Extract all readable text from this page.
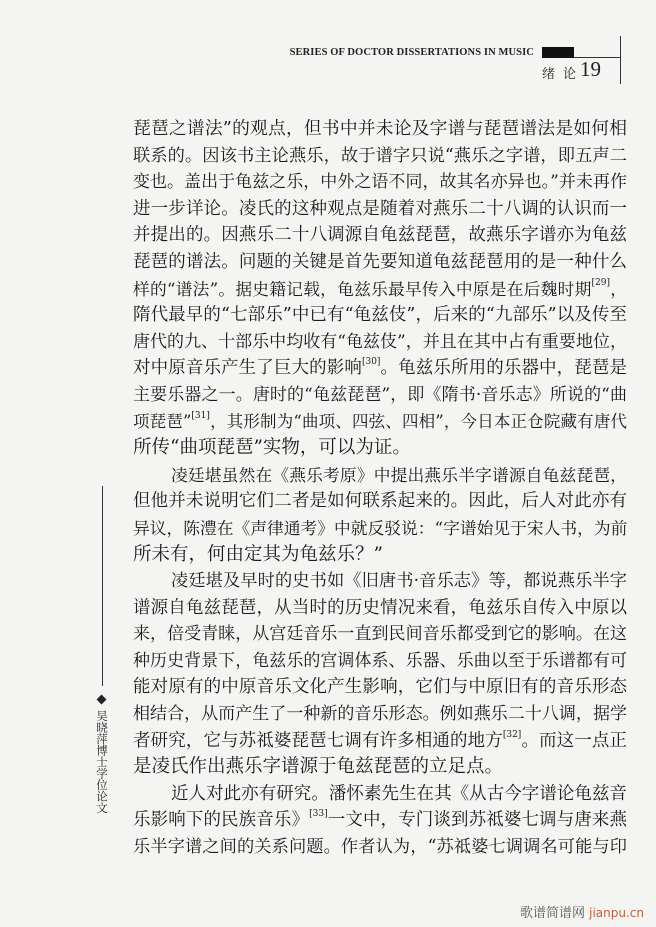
SERIES OF DOCTOR DISSERTATIONS IN MUSIC
绪论
19
琵琶之谱法”的观点，但书中并未论及字谱与琵琶谱法是如何相
联系的。因该书主论燕乐，故于谱字只说“燕乐之字谱，即五声二
变也。盖出于龟兹之乐，中外之语不同，故其名亦异也。”并未再作
进一步详论。凌氏的这种观点是随着对燕乐二十八调的认识而一
并提出的。因燕乐二十八调源自龟兹琵琶，故燕乐字谱亦为龟兹
琵琶的谱法。问题的关键是首先要知道龟兹琵琶用的是一种什么
样的“谱法”。据史籍记载，龟兹乐最早传入中原是在后魏时期[29]，
隋代最早的“七部乐”中已有“龟兹伎”，后来的“九部乐”以及传至
唐代的九、十部乐中均收有“龟兹伎”，并且在其中占有重要地位，
对中原音乐产生了巨大的影响[30]。龟兹乐所用的乐器中，琵琶是
主要乐器之一。唐时的“龟兹琵琶”，即《隋书·音乐志》所说的“曲
项琵琶”[31]，其形制为“曲项、四弦、四相”，今日本正仓院藏有唐代
所传“曲项琵琶”实物，可以为证。
凌廷堪虽然在《燕乐考原》中提出燕乐半字谱源自龟兹琵琶，
但他并未说明它们二者是如何联系起来的。因此，后人对此亦有
异议，陈澧在《声律通考》中就反驳说：“字谱始见于宋人书，为前
所未有，何由定其为龟兹乐？”
凌廷堪及早时的史书如《旧唐书·音乐志》等，都说燕乐半字
谱源自龟兹琵琶，从当时的历史情况来看，龟兹乐自传入中原以
来，倍受青睐，从宫廷音乐一直到民间音乐都受到它的影响。在这
种历史背景下，龟兹乐的宫调体系、乐器、乐曲以至于乐谱都有可
能对原有的中原音乐文化产生影响，它们与中原旧有的音乐形态
相结合，从而产生了一种新的音乐形态。例如燕乐二十八调，据学
者研究，它与苏祗婆琵琶七调有许多相通的地方[32]。而这一点正
是凌氏作出燕乐字谱源于龟兹琵琶的立足点。
近人对此亦有研究。潘怀素先生在其《从古今字谱论龟兹音
乐影响下的民族音乐》[33]一文中，专门谈到苏祗婆七调与唐来燕
乐半字谱之间的关系问题。作者认为，“苏祗婆七调调名可能与印
吴晓萍博士学位论文
歌谱简谱网 jianpu.cn
